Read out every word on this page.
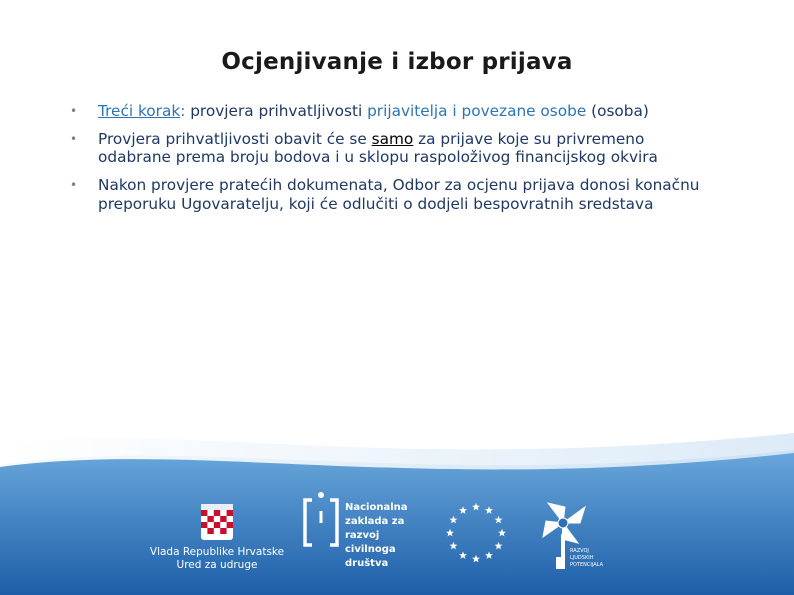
Ocjenjivanje i izbor prijava
• Treći korak: provjera prihvatljivosti prijavitelja i povezane osobe (osoba)
• Provjera prihvatljivosti obavit će se samo za prijave koje su privremeno odabrane prema broju bodova i u sklopu raspoloživog financijskog okvira
• Nakon provjere pratećih dokumenata, Odbor za ocjenu prijava donosi konačnu preporuku Ugovaratelju, koji će odlučiti o dodjeli bespovratnih sredstava
Vlada Republike Hrvatske
Ured za udruge
Nacionalna
zaklada za
razvoj
civilnoga
društva
RAZVOJ
LJUDSKIH
POTENCIJALA
